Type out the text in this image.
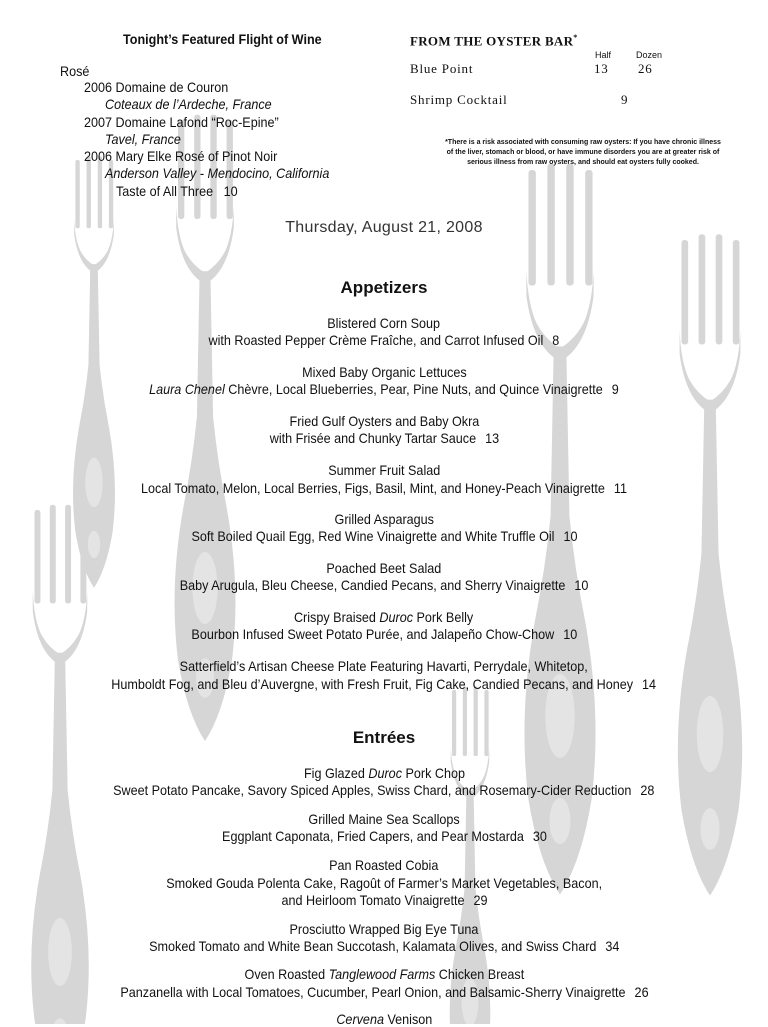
Tonight’s Featured Flight of Wine
Rosé
2006 Domaine de Couron
Coteaux de l’Ardeche, France
2007 Domaine Lafond “Roc-Epine”
Tavel, France
2006 Mary Elke Rosé of Pinot Noir
Anderson Valley - Mendocino, California
Taste of All Three 10
FROM THE OYSTER BAR*
Half	Dozen
Blue Point	13 26
Shrimp Cocktail	9
*There is a risk associated with consuming raw oysters: If you have chronic illness of the liver, stomach or blood, or have immune disorders you are at greater risk of serious illness from raw oysters, and should eat oysters fully cooked.
Thursday, August 21, 2008
Appetizers
Blistered Corn Soup
with Roasted Pepper Crème Fraîche, and Carrot Infused Oil 8
Mixed Baby Organic Lettuces
Laura Chenel Chèvre, Local Blueberries, Pear, Pine Nuts, and Quince Vinaigrette 9
Fried Gulf Oysters and Baby Okra
with Frisée and Chunky Tartar Sauce 13
Summer Fruit Salad
Local Tomato, Melon, Local Berries, Figs, Basil, Mint, and Honey-Peach Vinaigrette 11
Grilled Asparagus
Soft Boiled Quail Egg, Red Wine Vinaigrette and White Truffle Oil 10
Poached Beet Salad
Baby Arugula, Bleu Cheese, Candied Pecans, and Sherry Vinaigrette 10
Crispy Braised Duroc Pork Belly
Bourbon Infused Sweet Potato Purée, and Jalapeño Chow-Chow 10
Satterfield’s Artisan Cheese Plate Featuring Havarti, Perrydale, Whitetop,
Humboldt Fog, and Bleu d’Auvergne, with Fresh Fruit, Fig Cake, Candied Pecans, and Honey 14
Entrées
Fig Glazed Duroc Pork Chop
Sweet Potato Pancake, Savory Spiced Apples, Swiss Chard, and Rosemary-Cider Reduction 28
Grilled Maine Sea Scallops
Eggplant Caponata, Fried Capers, and Pear Mostarda 30
Pan Roasted Cobia
Smoked Gouda Polenta Cake, Ragoût of Farmer’s Market Vegetables, Bacon,
and Heirloom Tomato Vinaigrette 29
Prosciutto Wrapped Big Eye Tuna
Smoked Tomato and White Bean Succotash, Kalamata Olives, and Swiss Chard 34
Oven Roasted Tanglewood Farms Chicken Breast
Panzanella with Local Tomatoes, Cucumber, Pearl Onion, and Balsamic-Sherry Vinaigrette 26
Cervena Venison
